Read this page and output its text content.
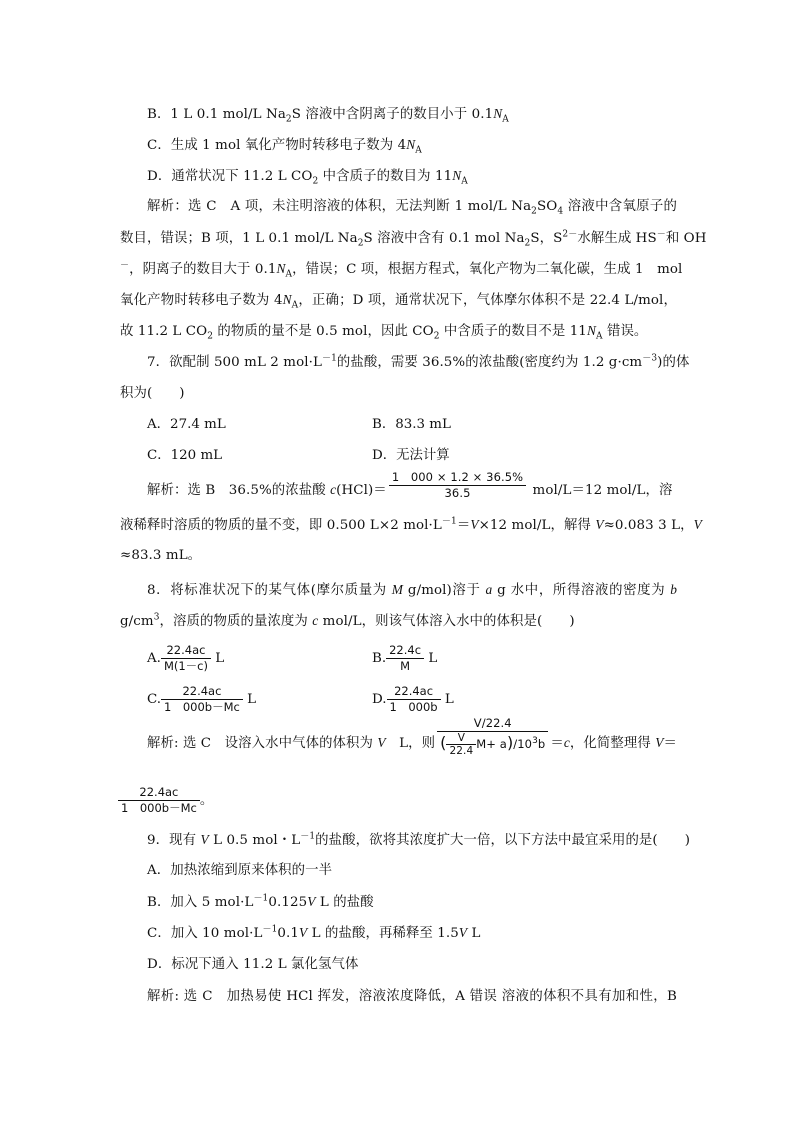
B．1 L 0.1 mol/L $Na_2S$ 溶液中含阴离子的数目小于 $0.1N_A$
C．生成 1 mol 氧化产物时转移电子数为 $4N_A$
D．通常状况下 11.2 L $CO_2$ 中含质子的数目为 $11N_A$
解析：选 C　A 项，未注明溶液的体积，无法判断 1 mol/L $Na_2SO_4$ 溶液中含氧原子的
数目，错误；B 项，1 L 0.1 mol/L $Na_2S$ 溶液中含有 0.1 mol $Na_2S$，$S^{2-}$水解生成 HS－和 OH
－，阴离子的数目大于 $0.1N_A$，错误；C 项，根据方程式，氧化产物为二氧化碳，生成 1　mol
氧化产物时转移电子数为 $4N_A$，正确；D 项，通常状况下，气体摩尔体积不是 22.4 L/mol，
故 11.2 L $CO_2$ 的物质的量不是 0.5 mol，因此 $CO_2$ 中含质子的数目不是 $11N_A$ 错误。
7．欲配制 500 mL 2 $mol\cdot L^{-1}$的盐酸，需要 36.5%的浓盐酸(密度约为 1.2 $g\cdot cm^{-3}$)的体
积为(　　)
A．27.4 mL	B．83.3 mL
C．120 mL	D．无法计算
解析：选 B　36.5%的浓盐酸 $c(HCl)= \frac{1 000 \times 1.2 \times 36.5\%}{36.5} mol/L=12$ mol/L，溶
液稀释时溶质的物质的量不变，即 0.500 L×2 $mol\cdot L^{-1}=V\times 12$ mol/L，解得 V≈0.083 3 L，V
≈83.3 mL。
8．将标准状况下的某气体(摩尔质量为 M g/mol)溶于 a g 水中，所得溶液的密度为 b
$g/cm^3$，溶质的物质的量浓度为 c mol/L，则该气体溶入水中的体积是(　　)
A. $\frac{22.4ac}{M(1-c)}$ L	B. $\frac{22.4c}{M}$ L
C. $\frac{22.4ac}{1 000b-Mc}$ L	D. $\frac{22.4ac}{1 000b}$ L
解析: 选 C　设溶入水中气体的体积为 V　L，则 $\frac{V/22.4}{( \frac{V}{22.4} M+ a)/10^3b} =c$，化简整理得 V＝
$\frac{22.4ac}{1 000b-Mc}$ 。
9．现有 V L 0.5 mol・$L^{-1}$的盐酸，欲将其浓度扩大一倍，以下方法中最宜采用的是(　　)
A．加热浓缩到原来体积的一半
B．加入 5 $mol\cdot L^{-1}0.125V$ L 的盐酸
C．加入 10 $mol\cdot L^{-1}0.1V$ L 的盐酸，再稀释至 1.5V L
D．标况下通入 11.2 L 氯化氢气体
解析: 选 C　加热易使 HCl 挥发，溶液浓度降低，A 错误 溶液的体积不具有加和性，B
